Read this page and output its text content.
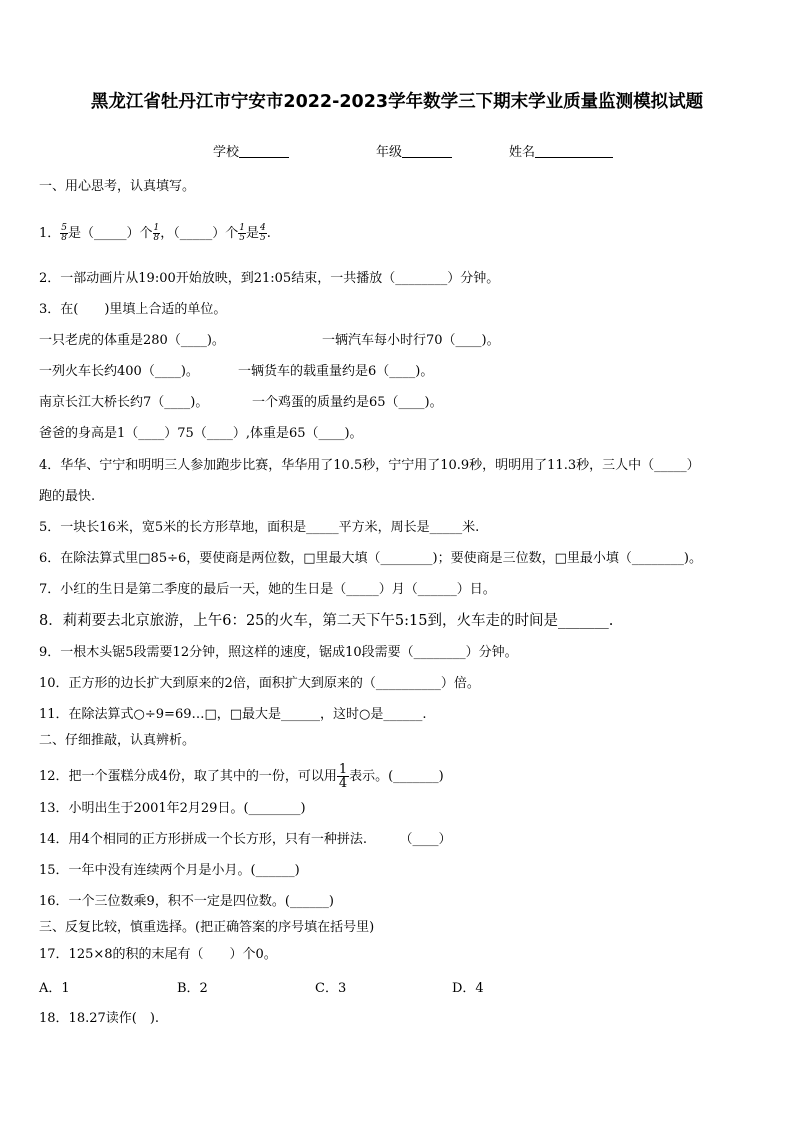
黑龙江省牡丹江市宁安市2022-2023学年数学三下期末学业质量监测模拟试题
学校	年级	姓名
一、用心思考，认真填写。
1． $\frac{5}{8}$ 是（_____）个 $\frac{1}{8}$ ，（_____）个 $\frac{1}{5}$ 是 $\frac{4}{5}$ .
2．一部动画片从19:00开始放映，到21:05结束，一共播放（________）分钟。
3．在(　　)里填上合适的单位。
一只老虎的体重是280（____)。	一辆汽车每小时行70（____)。
一列火车长约400（____)。	一辆货车的载重量约是6（____)。
南京长江大桥长约7（____)。	一个鸡蛋的质量约是65（____)。
爸爸的身高是1（____）75（____）,体重是65（____)。
4．华华、宁宁和明明三人参加跑步比赛，华华用了10.5秒，宁宁用了10.9秒，明明用了11.3秒，三人中（_____）
跑的最快.
5．一块长16米，宽5米的长方形草地，面积是_____平方米，周长是_____米.
6．在除法算式里□85÷6，要使商是两位数，□里最大填（________)；要使商是三位数，□里最小填（________)。
7．小红的生日是第二季度的最后一天，她的生日是（_____）月（______）日。
8．莉莉要去北京旅游，上午6：25的火车，第二天下午5:15到，火车走的时间是_______.
9．一根木头锯5段需要12分钟，照这样的速度，锯成10段需要（________）分钟。
10．正方形的边长扩大到原来的2倍，面积扩大到原来的（__________）倍。
11．在除法算式○÷9=69…□，□最大是______，这时○是______.
二、仔细推敲，认真辨析。
12．把一个蛋糕分成4份，取了其中的一份，可以用 $\frac{1}{4}$ 表示。(_______)
13．小明出生于2001年2月29日。(________)
14．用4个相同的正方形拼成一个长方形，只有一种拼法.　　　（____）
15．一年中没有连续两个月是小月。(______)
16．一个三位数乘9，积不一定是四位数。(______)
三、反复比较，慎重选择。(把正确答案的序号填在括号里)
17．125×8的积的末尾有（　　）个0。
A．1	B．2	C．3	D．4
18．18.27读作(　).
